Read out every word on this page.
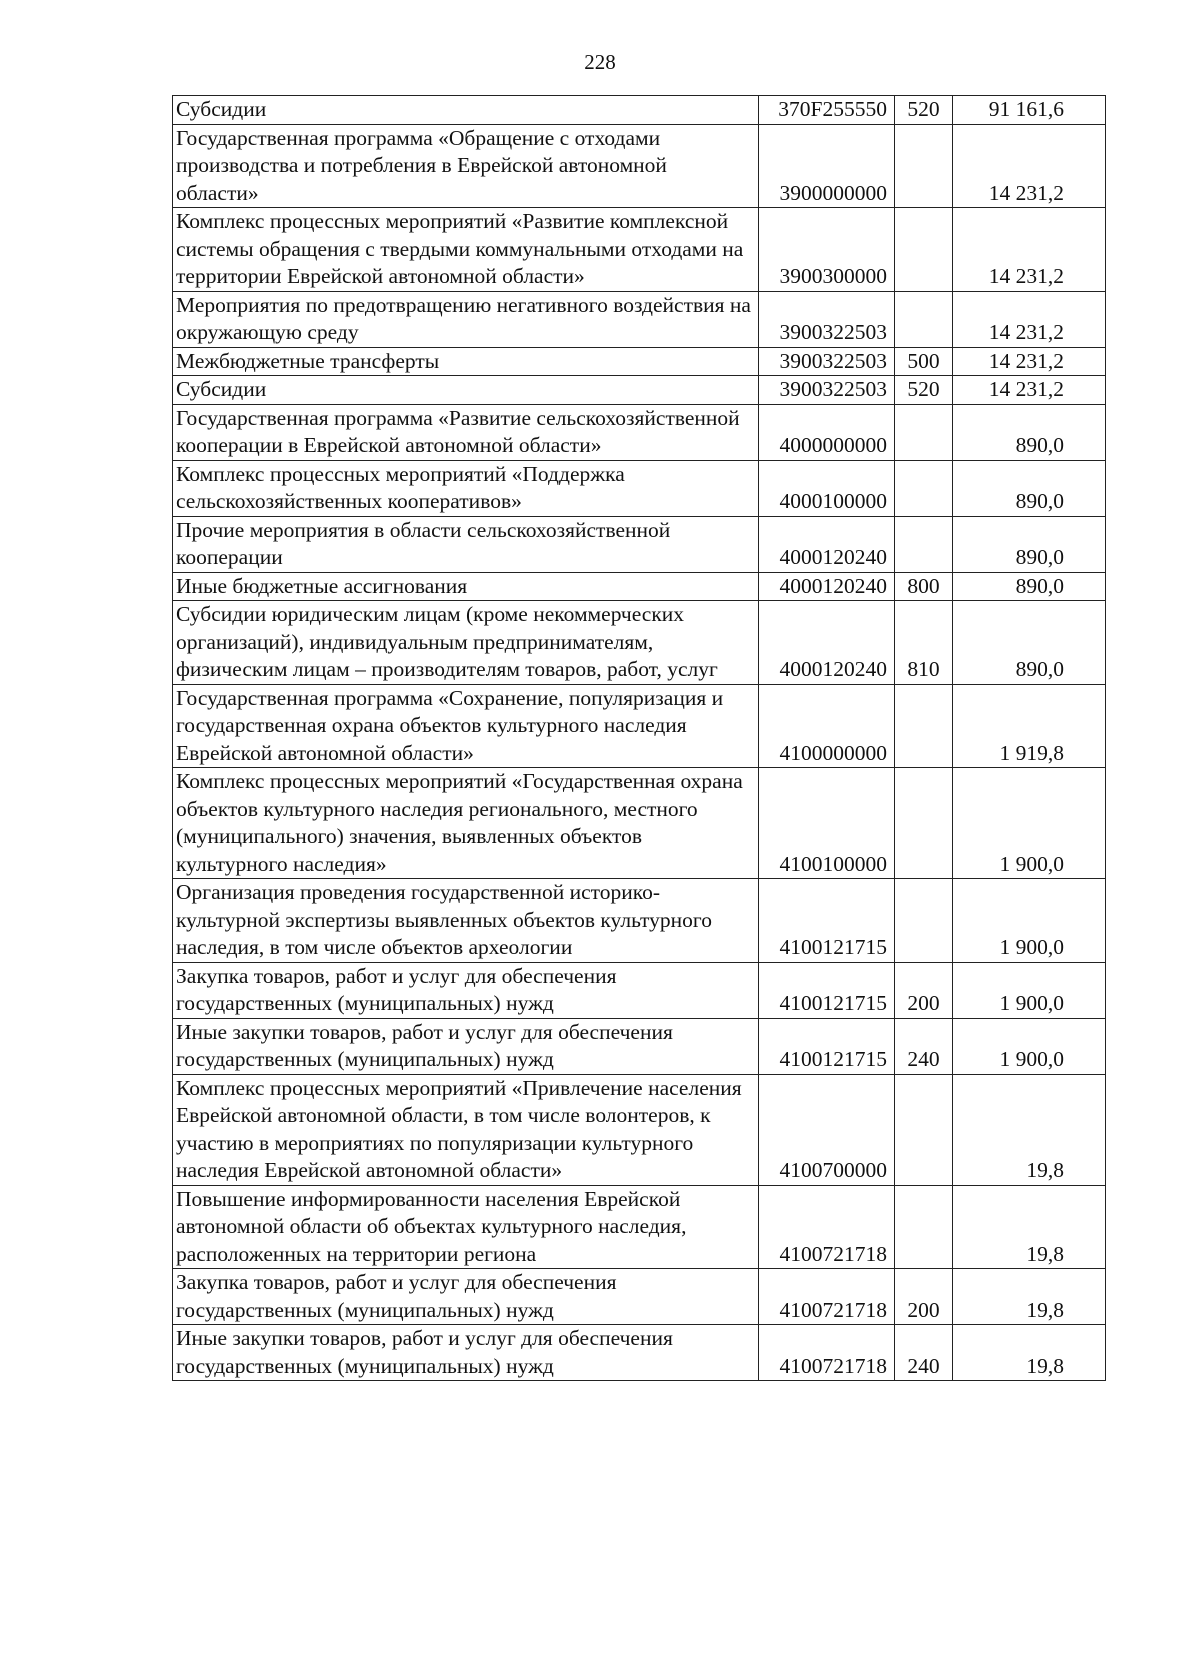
228
Субсидии	370F255550	520	91 161,6
Государственная программа «Обращение с отходами производства и потребления в Еврейской автономной области»	3900000000		14 231,2
Комплекс процессных мероприятий «Развитие комплексной системы обращения с твердыми коммунальными отходами на территории Еврейской автономной области»	3900300000		14 231,2
Мероприятия по предотвращению негативного воздействия на окружающую среду	3900322503		14 231,2
Межбюджетные трансферты	3900322503	500	14 231,2
Субсидии	3900322503	520	14 231,2
Государственная программа «Развитие сельскохозяйственной кооперации в Еврейской автономной области»	4000000000		890,0
Комплекс процессных мероприятий «Поддержка сельскохозяйственных кооперативов»	4000100000		890,0
Прочие мероприятия в области сельскохозяйственной кооперации	4000120240		890,0
Иные бюджетные ассигнования	4000120240	800	890,0
Субсидии юридическим лицам (кроме некоммерческих организаций), индивидуальным предпринимателям, физическим лицам – производителям товаров, работ, услуг	4000120240	810	890,0
Государственная программа «Сохранение, популяризация и государственная охрана объектов культурного наследия Еврейской автономной области»	4100000000		1 919,8
Комплекс процессных мероприятий «Государственная охрана объектов культурного наследия регионального, местного (муниципального) значения, выявленных объектов культурного наследия»	4100100000		1 900,0
Организация проведения государственной историко-культурной экспертизы выявленных объектов культурного наследия, в том числе объектов археологии	4100121715		1 900,0
Закупка товаров, работ и услуг для обеспечения государственных (муниципальных) нужд	4100121715	200	1 900,0
Иные закупки товаров, работ и услуг для обеспечения государственных (муниципальных) нужд	4100121715	240	1 900,0
Комплекс процессных мероприятий «Привлечение населения Еврейской автономной области, в том числе волонтеров, к участию в мероприятиях по популяризации культурного наследия Еврейской автономной области»	4100700000		19,8
Повышение информированности населения Еврейской автономной области об объектах культурного наследия, расположенных на территории региона	4100721718		19,8
Закупка товаров, работ и услуг для обеспечения государственных (муниципальных) нужд	4100721718	200	19,8
Иные закупки товаров, работ и услуг для обеспечения государственных (муниципальных) нужд	4100721718	240	19,8
